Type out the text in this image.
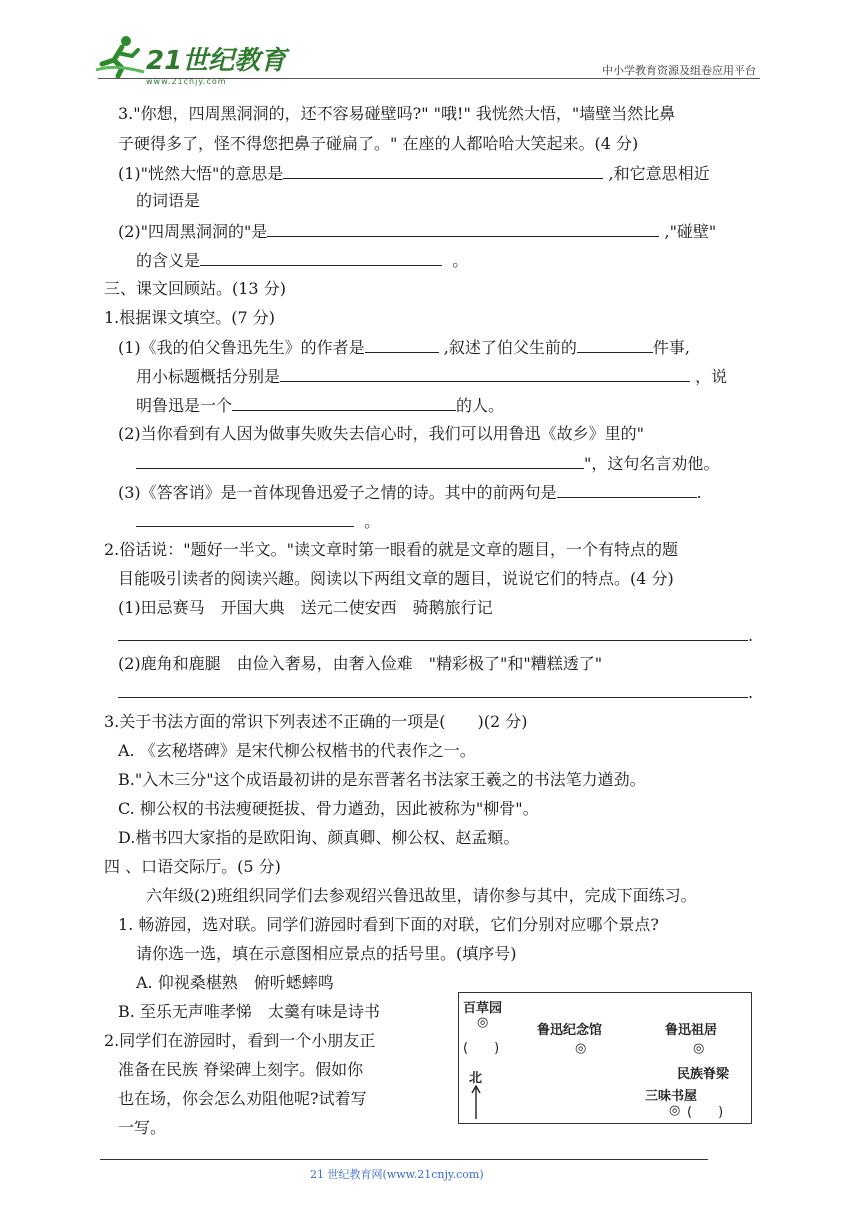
21世纪教育
www.21cnjy.com
中小学教育资源及组卷应用平台
3."你想，四周黑洞洞的，还不容易碰壁吗?" "哦!" 我恍然大悟，"墙壁当然比鼻
子硬得多了，怪不得您把鼻子碰扁了。" 在座的人都哈哈大笑起来。(4 分)
(1)"恍然大悟"的意思是	,和它意思相近
的词语是
(2)"四周黑洞洞的"是	,"碰壁"
的含义是	。
三、课文回顾站。(13 分)
1.根据课文填空。(7 分)
(1)《我的伯父鲁迅先生》的作者是	,叙述了伯父生前的	件事,
用小标题概括分别是	，说
明鲁迅是一个	的人。
(2)当你看到有人因为做事失败失去信心时，我们可以用鲁迅《故乡》里的"
"，这句名言劝他。
(3)《答客诮》是一首体现鲁迅爱子之情的诗。其中的前两句是	.
。
2.俗话说："题好一半文。"读文章时第一眼看的就是文章的题目，一个有特点的题
目能吸引读者的阅读兴趣。阅读以下两组文章的题目，说说它们的特点。(4 分)
(1)田忌赛马　开国大典　送元二使安西　骑鹅旅行记
.
(2)鹿角和鹿腿　由俭入奢易，由奢入俭难　"精彩极了"和"糟糕透了"
.
3.关于书法方面的常识下列表述不正确的一项是(　　)(2 分)
A. 《玄秘塔碑》是宋代柳公权楷书的代表作之一。
B."入木三分"这个成语最初讲的是东晋著名书法家王羲之的书法笔力遒劲。
C. 柳公权的书法瘦硬挺拔、骨力遒劲，因此被称为"柳骨"。
D.楷书四大家指的是欧阳询、颜真卿、柳公权、赵孟頫。
四 、口语交际厅。(5 分)
六年级(2)班组织同学们去参观绍兴鲁迅故里，请你参与其中，完成下面练习。
1. 畅游园，选对联。同学们游园时看到下面的对联，它们分别对应哪个景点?
请你选一选，填在示意图相应景点的括号里。(填序号)
A. 仰视桑椹熟　俯听蟋蟀鸣
B. 至乐无声唯孝悌　太羹有味是诗书
2.同学们在游园时，看到一个小朋友正
准备在民族 脊梁碑上刻字。假如你
也在场，你会怎么劝阻他呢?试着写
一写。
百草园
◎
(　　)
鲁迅纪念馆
◎
鲁迅祖居
◎
民族脊梁
三味书屋
◎ (　　)
北
21 世纪教育网(www.21cnjy.com)
